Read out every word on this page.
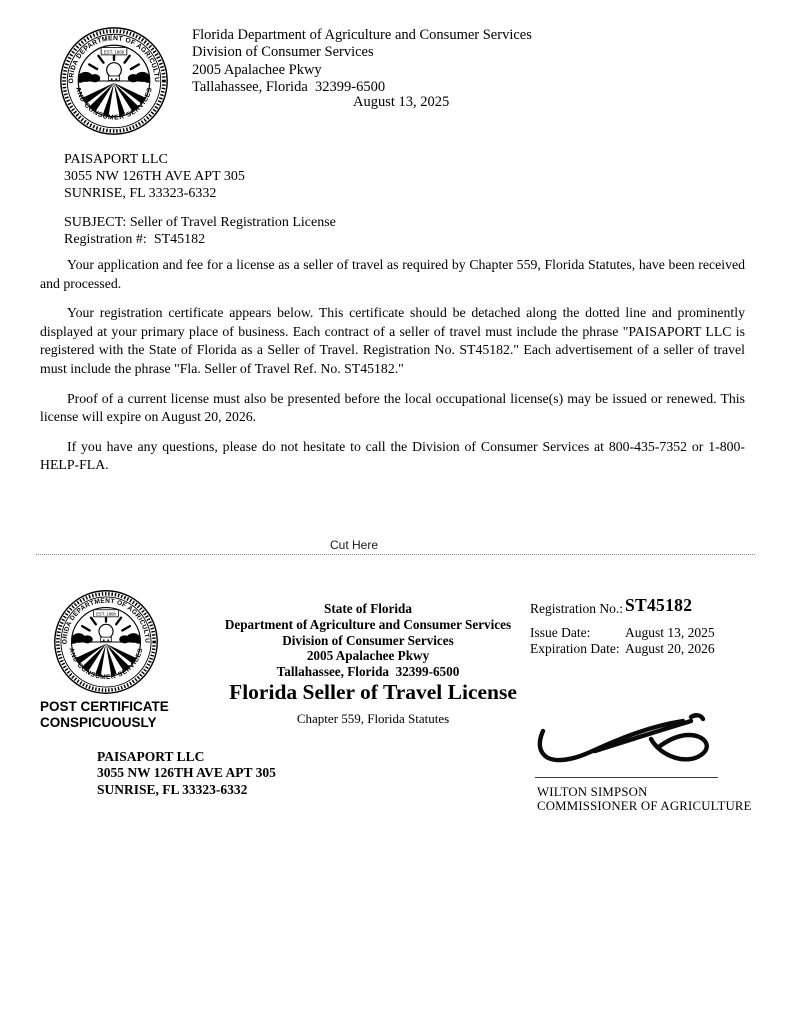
Florida Department of Agriculture and Consumer Services
Division of Consumer Services
2005 Apalachee Pkwy
Tallahassee, Florida  32399-6500
August 13, 2025
PAISAPORT LLC
3055 NW 126TH AVE APT 305
SUNRISE, FL 33323-6332
SUBJECT: Seller of Travel Registration License
Registration #:  ST45182

Your application and fee for a license as a seller of travel as required by Chapter 559, Florida Statutes, have been received and processed.

Your registration certificate appears below. This certificate should be detached along the dotted line and prominently displayed at your primary place of business. Each contract of a seller of travel must include the phrase "PAISAPORT LLC is registered with the State of Florida as a Seller of Travel. Registration No. ST45182." Each advertisement of a seller of travel must include the phrase "Fla. Seller of Travel Ref. No. ST45182."

Proof of a current license must also be presented before the local occupational license(s) may be issued or renewed. This license will expire on August 20, 2026.

If you have any questions, please do not hesitate to call the Division of Consumer Services at 800-435-7352 or 1-800-HELP-FLA.

Cut Here
State of Florida
Department of Agriculture and Consumer Services
Division of Consumer Services
2005 Apalachee Pkwy
Tallahassee, Florida  32399-6500
Registration No.: ST45182
Issue Date:	August 13, 2025
Expiration Date: August 20, 2026
Florida Seller of Travel License
Chapter 559, Florida Statutes
POST CERTIFICATE
CONSPICUOUSLY
PAISAPORT LLC
3055 NW 126TH AVE APT 305
SUNRISE, FL 33323-6332	WILTON SIMPSON
COMMISSIONER OF AGRICULTURE
